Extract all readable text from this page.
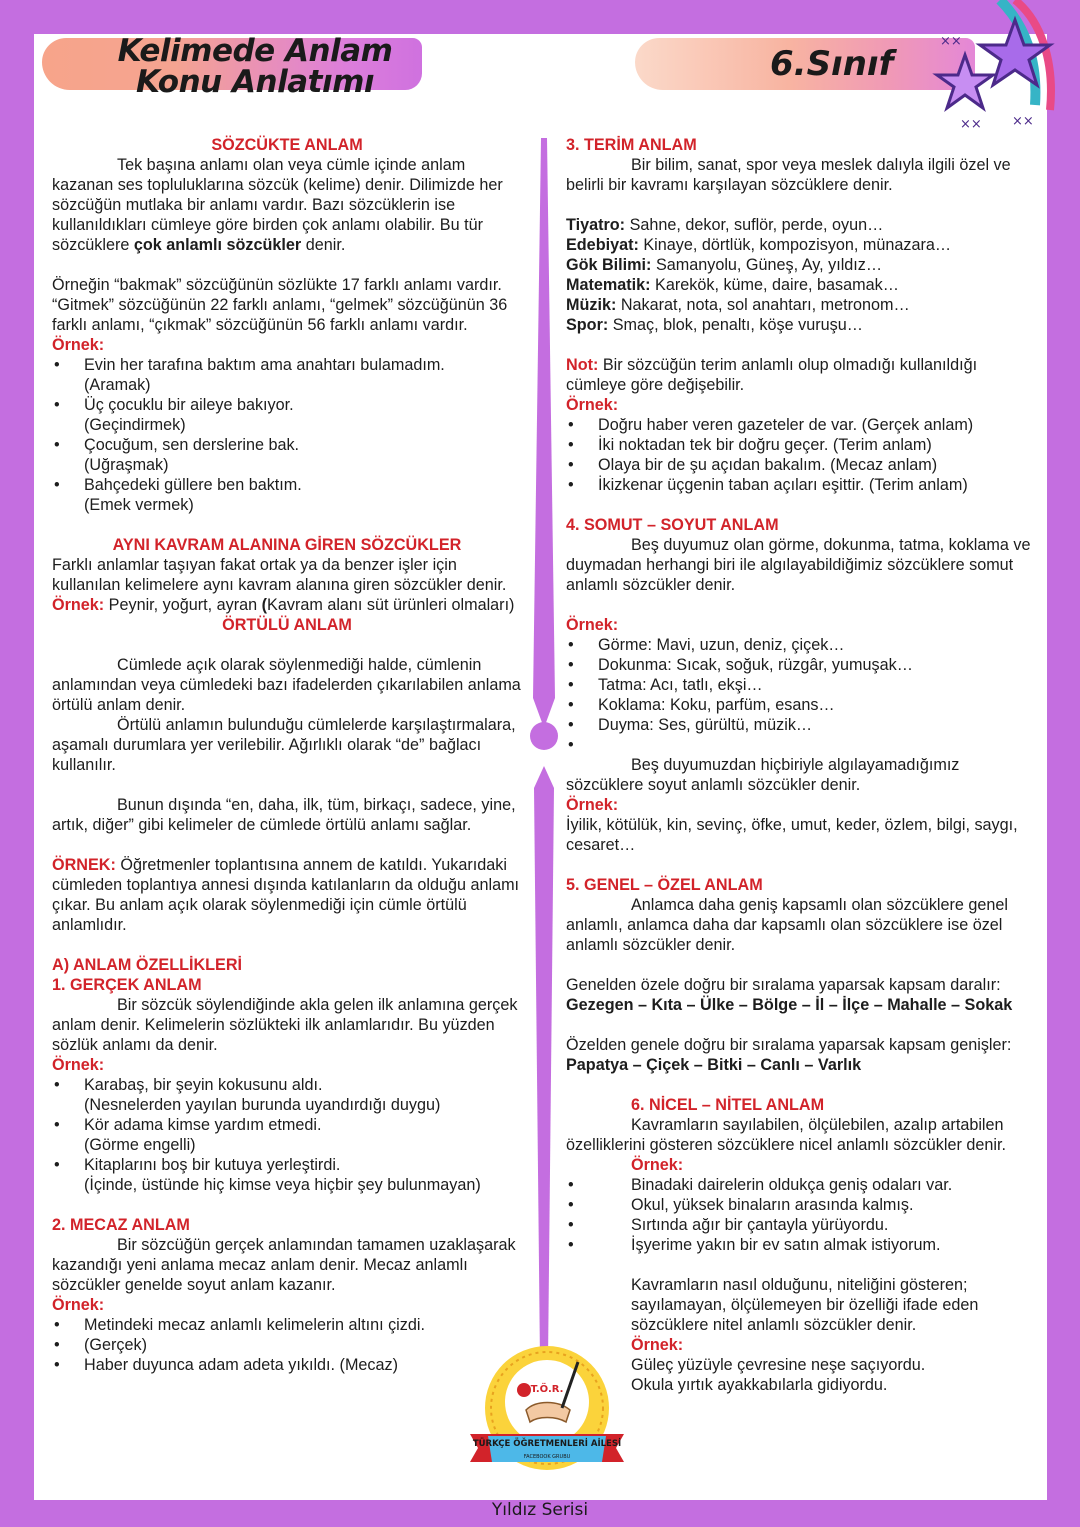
Kelimede Anlam
Konu Anlatımı	6.Sınıf
××
×× ××

SÖZCÜKTE ANLAM

Tek başına anlamı olan veya cümle içinde anlam kazanan ses topluluklarına sözcük (kelime) denir. Dilimizde her sözcüğün mutlaka bir anlamı vardır. Bazı sözcüklerin ise kullanıldıkları cümleye göre birden çok anlamı olabilir. Bu tür sözcüklere çok anlamlı sözcükler denir.

Örneğin “bakmak” sözcüğünün sözlükte 17 farklı anlamı vardır. “Gitmek” sözcüğünün 22 farklı anlamı, “gelmek” sözcüğünün 36 farklı anlamı, “çıkmak” sözcüğünün 56 farklı anlamı vardır.

Örnek:

• Evin her tarafına baktım ama anahtarı bulamadım.
(Aramak)
• Üç çocuklu bir aileye bakıyor.
(Geçindirmek)
• Çocuğum, sen derslerine bak.
(Uğraşmak)
• Bahçedeki güllere ben baktım.
(Emek vermek)

AYNI KAVRAM ALANINA GİREN SÖZCÜKLER

Farklı anlamlar taşıyan fakat ortak ya da benzer işler için kullanılan kelimelere aynı kavram alanına giren sözcükler denir.

Örnek: Peynir, yoğurt, ayran (Kavram alanı süt ürünleri olmaları)

ÖRTÜLÜ ANLAM

Cümlede açık olarak söylenmediği halde, cümlenin anlamından veya cümledeki bazı ifadelerden çıkarılabilen anlama örtülü anlam denir.

Örtülü anlamın bulunduğu cümlelerde karşılaştırmalara, aşamalı durumlara yer verilebilir. Ağırlıklı olarak “de” bağlacı kullanılır.

Bunun dışında “en, daha, ilk, tüm, birkaçı, sadece, yine, artık, diğer” gibi kelimeler de cümlede örtülü anlamı sağlar.

ÖRNEK: Öğretmenler toplantısına annem de katıldı. Yukarıdaki cümleden toplantıya annesi dışında katılanların da olduğu anlamı çıkar. Bu anlam açık olarak söylenmediği için cümle örtülü anlamlıdır.

A) ANLAM ÖZELLİKLERİ

1. GERÇEK ANLAM

Bir sözcük söylendiğinde akla gelen ilk anlamına gerçek anlam denir. Kelimelerin sözlükteki ilk anlamlarıdır. Bu yüzden sözlük anlamı da denir.

Örnek:

• Karabaş, bir şeyin kokusunu aldı.
(Nesnelerden yayılan burunda uyandırdığı duygu)
• Kör adama kimse yardım etmedi.
(Görme engelli)
• Kitaplarını boş bir kutuya yerleştirdi.
(İçinde, üstünde hiç kimse veya hiçbir şey bulunmayan)

2. MECAZ ANLAM

Bir sözcüğün gerçek anlamından tamamen uzaklaşarak kazandığı yeni anlama mecaz anlam denir. Mecaz anlamlı sözcükler genelde soyut anlam kazanır.

Örnek:

• Metindeki mecaz anlamlı kelimelerin altını çizdi.
• (Gerçek)
• Haber duyunca adam adeta yıkıldı. (Mecaz)

3. TERİM ANLAM

Bir bilim, sanat, spor veya meslek dalıyla ilgili özel ve belirli bir kavramı karşılayan sözcüklere denir.

Tiyatro: Sahne, dekor, suflör, perde, oyun…

Edebiyat: Kinaye, dörtlük, kompozisyon, münazara…

Gök Bilimi: Samanyolu, Güneş, Ay, yıldız…

Matematik: Karekök, küme, daire, basamak…

Müzik: Nakarat, nota, sol anahtarı, metronom…

Spor: Smaç, blok, penaltı, köşe vuruşu…

Not: Bir sözcüğün terim anlamlı olup olmadığı kullanıldığı cümleye göre değişebilir.

Örnek:

• Doğru haber veren gazeteler de var. (Gerçek anlam)
• İki noktadan tek bir doğru geçer. (Terim anlam)
• Olaya bir de şu açıdan bakalım. (Mecaz anlam)
• İkizkenar üçgenin taban açıları eşittir. (Terim anlam)

4. SOMUT – SOYUT ANLAM

Beş duyumuz olan görme, dokunma, tatma, koklama ve duymadan herhangi biri ile algılayabildiğimiz sözcüklere somut anlamlı sözcükler denir.

Örnek:

• Görme: Mavi, uzun, deniz, çiçek…
• Dokunma: Sıcak, soğuk, rüzgâr, yumuşak…
• Tatma: Acı, tatlı, ekşi…
• Koklama: Koku, parfüm, esans…
• Duyma: Ses, gürültü, müzik…
•

Beş duyumuzdan hiçbiriyle algılayamadığımız sözcüklere soyut anlamlı sözcükler denir.

Örnek:

İyilik, kötülük, kin, sevinç, öfke, umut, keder, özlem, bilgi, saygı, cesaret…

5. GENEL – ÖZEL ANLAM

Anlamca daha geniş kapsamlı olan sözcüklere genel anlamlı, anlamca daha dar kapsamlı olan sözcüklere ise özel anlamlı sözcükler denir.

Genelden özele doğru bir sıralama yaparsak kapsam daralır:

Gezegen – Kıta – Ülke – Bölge – İl – İlçe – Mahalle – Sokak

Özelden genele doğru bir sıralama yaparsak kapsam genişler:

Papatya – Çiçek – Bitki – Canlı – Varlık

6. NİCEL – NİTEL ANLAM

Kavramların sayılabilen, ölçülebilen, azalıp artabilen özelliklerini gösteren sözcüklere nicel anlamlı sözcükler denir.

Örnek:

• Binadaki dairelerin oldukça geniş odaları var.
• Okul, yüksek binaların arasında kalmış.
• Sırtında ağır bir çantayla yürüyordu.
• İşyerime yakın bir ev satın almak istiyorum.

Kavramların nasıl olduğunu, niteliğini gösteren; sayılamayan, ölçülemeyen bir özelliği ifade eden sözcüklere nitel anlamlı sözcükler denir.

Örnek:

Güleç yüzüyle çevresine neşe saçıyordu.

Okula yırtık ayakkabılarla gidiyordu.

T.Ö.R.
TÜRKÇE ÖĞRETMENLERİ AİLESİ
FACEBOOK GRUBU
Yıldız Serisi
